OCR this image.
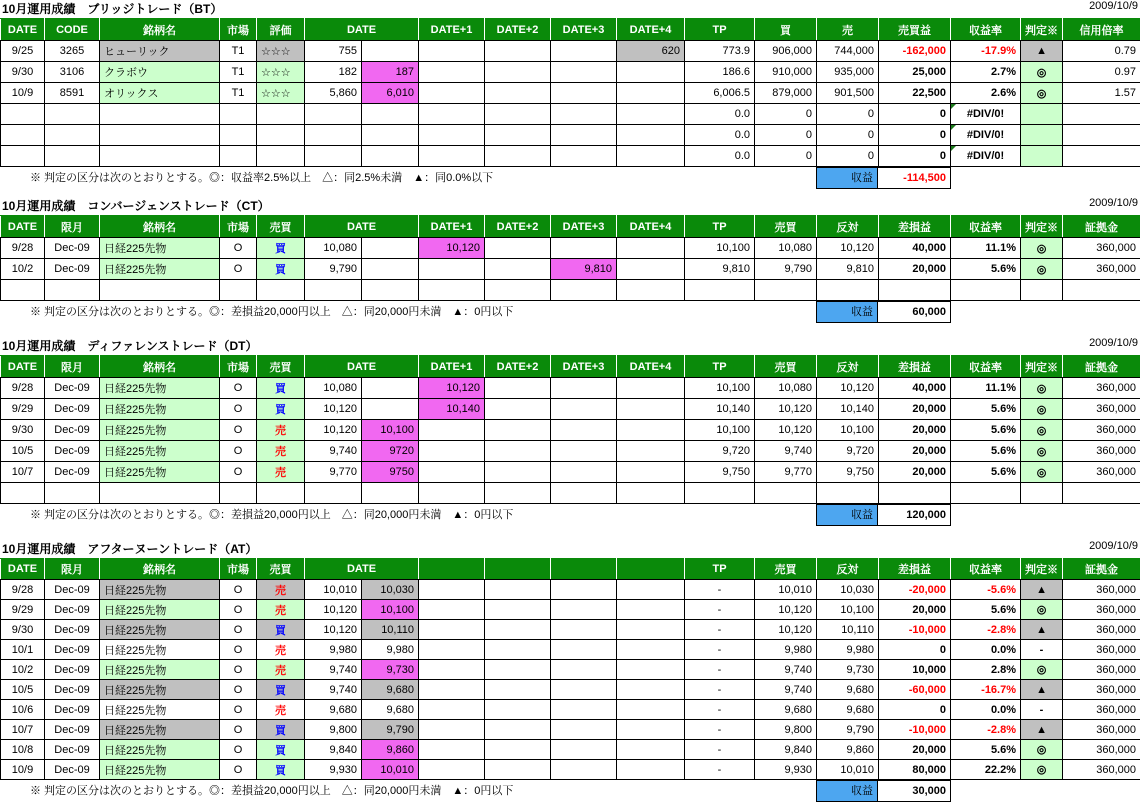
10月運用成績　ブリッジトレード（BT）	2009/10/9
DATE	CODE	銘柄名	市場	評価	DATE		DATE+1	DATE+2	DATE+3	DATE+4	TP	買	売	売買益	収益率	判定※	信用倍率
9/25	3265	ヒューリック	T1	☆☆☆	755					620	773.9	906,000	744,000	-162,000	-17.9%	▲	0.79
9/30	3106	クラボウ	T1	☆☆☆	182	187					186.6	910,000	935,000	25,000	2.7%	◎	0.97
10/9	8591	オリックス	T1	☆☆☆	5,860	6,010					6,006.5	879,000	901,500	22,500	2.6%	◎	1.57
											0.0	0	0	0	#DIV/0!		
											0.0	0	0	0	#DIV/0!		
											0.0	0	0	0	#DIV/0!		
※ 判定の区分は次のとおりとする。◎：収益率2.5%以上　△：同2.5%未満　▲：同0.0%以下	収益	-114,500
10月運用成績　コンバージェンストレード（CT）	2009/10/9
DATE	限月	銘柄名	市場	売買	DATE		DATE+1	DATE+2	DATE+3	DATE+4	TP	売買	反対	差損益	収益率	判定※	証拠金
9/28	Dec-09	日経225先物	O	買	10,080		10,120				10,100	10,080	10,120	40,000	11.1%	◎	360,000
10/2	Dec-09	日経225先物	O	買	9,790				9,810		9,810	9,790	9,810	20,000	5.6%	◎	360,000

※ 判定の区分は次のとおりとする。◎：差損益20,000円以上　△：同20,000円未満　▲：0円以下	収益	60,000
10月運用成績　ディファレンストレード（DT）	2009/10/9
DATE	限月	銘柄名	市場	売買	DATE		DATE+1	DATE+2	DATE+3	DATE+4	TP	売買	反対	差損益	収益率	判定※	証拠金
9/28	Dec-09	日経225先物	O	買	10,080		10,120				10,100	10,080	10,120	40,000	11.1%	◎	360,000
9/29	Dec-09	日経225先物	O	買	10,120		10,140				10,140	10,120	10,140	20,000	5.6%	◎	360,000
9/30	Dec-09	日経225先物	O	売	10,120	10,100					10,100	10,120	10,100	20,000	5.6%	◎	360,000
10/5	Dec-09	日経225先物	O	売	9,740	9720					9,720	9,740	9,720	20,000	5.6%	◎	360,000
10/7	Dec-09	日経225先物	O	売	9,770	9750					9,750	9,770	9,750	20,000	5.6%	◎	360,000

※ 判定の区分は次のとおりとする。◎：差損益20,000円以上　△：同20,000円未満　▲：0円以下	収益	120,000
10月運用成績　アフターヌーントレード（AT）	2009/10/9
DATE	限月	銘柄名	市場	売買	DATE						TP	売買	反対	差損益	収益率	判定※	証拠金
9/28	Dec-09	日経225先物	O	売	10,010	10,030					-	10,010	10,030	-20,000	-5.6%	▲	360,000
9/29	Dec-09	日経225先物	O	売	10,120	10,100					-	10,120	10,100	20,000	5.6%	◎	360,000
9/30	Dec-09	日経225先物	O	買	10,120	10,110					-	10,120	10,110	-10,000	-2.8%	▲	360,000
10/1	Dec-09	日経225先物	O	売	9,980	9,980					-	9,980	9,980	0	0.0%	-	360,000
10/2	Dec-09	日経225先物	O	売	9,740	9,730					-	9,740	9,730	10,000	2.8%	◎	360,000
10/5	Dec-09	日経225先物	O	買	9,740	9,680					-	9,740	9,680	-60,000	-16.7%	▲	360,000
10/6	Dec-09	日経225先物	O	売	9,680	9,680					-	9,680	9,680	0	0.0%	-	360,000
10/7	Dec-09	日経225先物	O	買	9,800	9,790					-	9,800	9,790	-10,000	-2.8%	▲	360,000
10/8	Dec-09	日経225先物	O	買	9,840	9,860					-	9,840	9,860	20,000	5.6%	◎	360,000
10/9	Dec-09	日経225先物	O	買	9,930	10,010					-	9,930	10,010	80,000	22.2%	◎	360,000
※ 判定の区分は次のとおりとする。◎：差損益20,000円以上　△：同20,000円未満　▲：0円以下	収益	30,000
